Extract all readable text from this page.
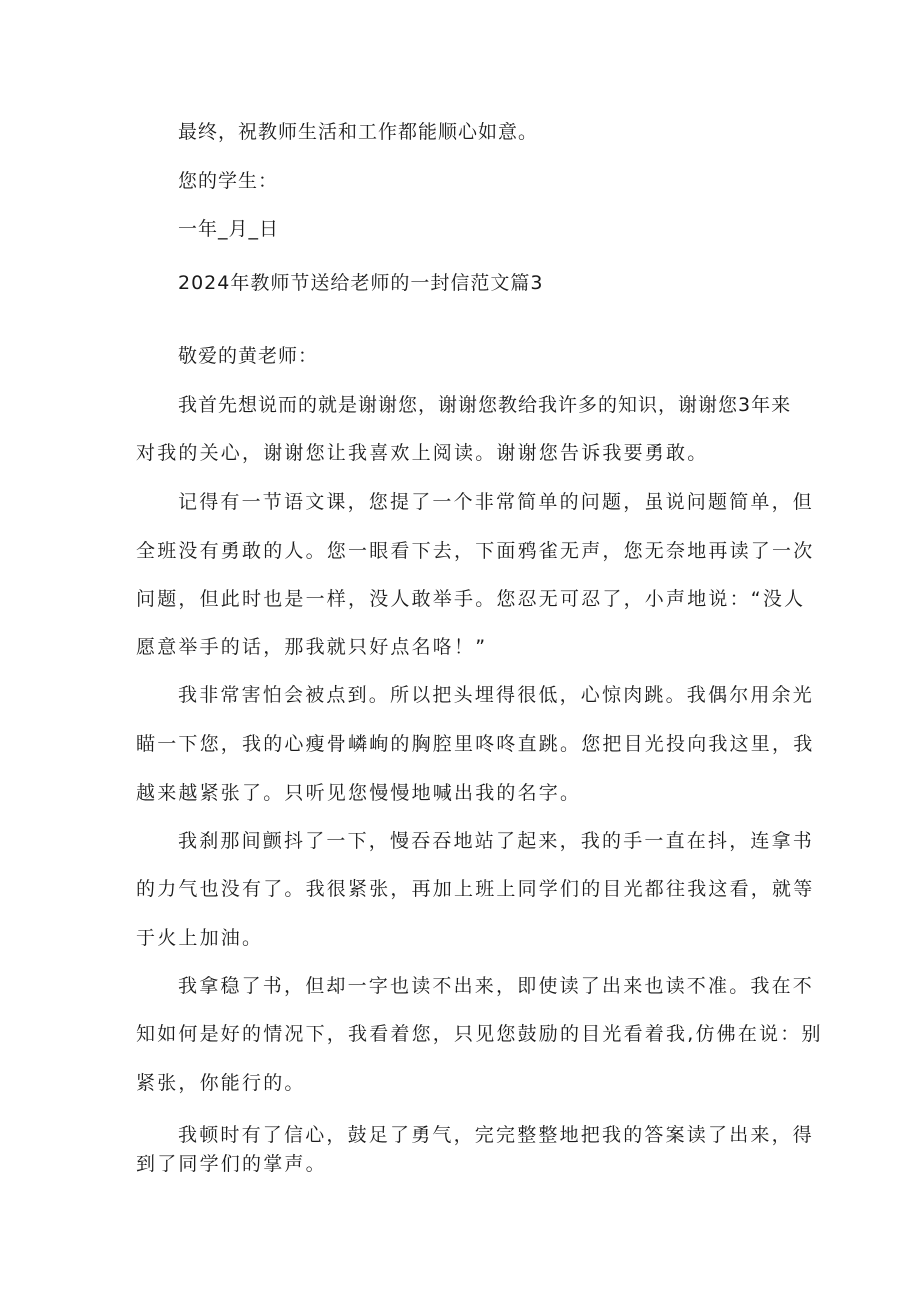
最终，祝教师生活和工作都能顺心如意。
您的学生：
一年_月_日
2024年教师节送给老师的一封信范文篇3
敬爱的黄老师：
我首先想说而的就是谢谢您，谢谢您教给我许多的知识，谢谢您3年来
对我的关心，谢谢您让我喜欢上阅读。谢谢您告诉我要勇敢。
记得有一节语文课，您提了一个非常简单的问题，虽说问题简单，但
全班没有勇敢的人。您一眼看下去，下面鸦雀无声，您无奈地再读了一次
问题，但此时也是一样，没人敢举手。您忍无可忍了，小声地说：“没人
愿意举手的话，那我就只好点名咯！”
我非常害怕会被点到。所以把头埋得很低，心惊肉跳。我偶尔用余光
瞄一下您，我的心瘦骨嶙峋的胸腔里咚咚直跳。您把目光投向我这里，我
越来越紧张了。只听见您慢慢地喊出我的名字。
我刹那间颤抖了一下，慢吞吞地站了起来，我的手一直在抖，连拿书
的力气也没有了。我很紧张，再加上班上同学们的目光都往我这看，就等
于火上加油。
我拿稳了书，但却一字也读不出来，即使读了出来也读不准。我在不
知如何是好的情况下，我看着您，只见您鼓励的目光看着我,仿佛在说：别
紧张，你能行的。
我顿时有了信心，鼓足了勇气，完完整整地把我的答案读了出来，得
到了同学们的掌声。
